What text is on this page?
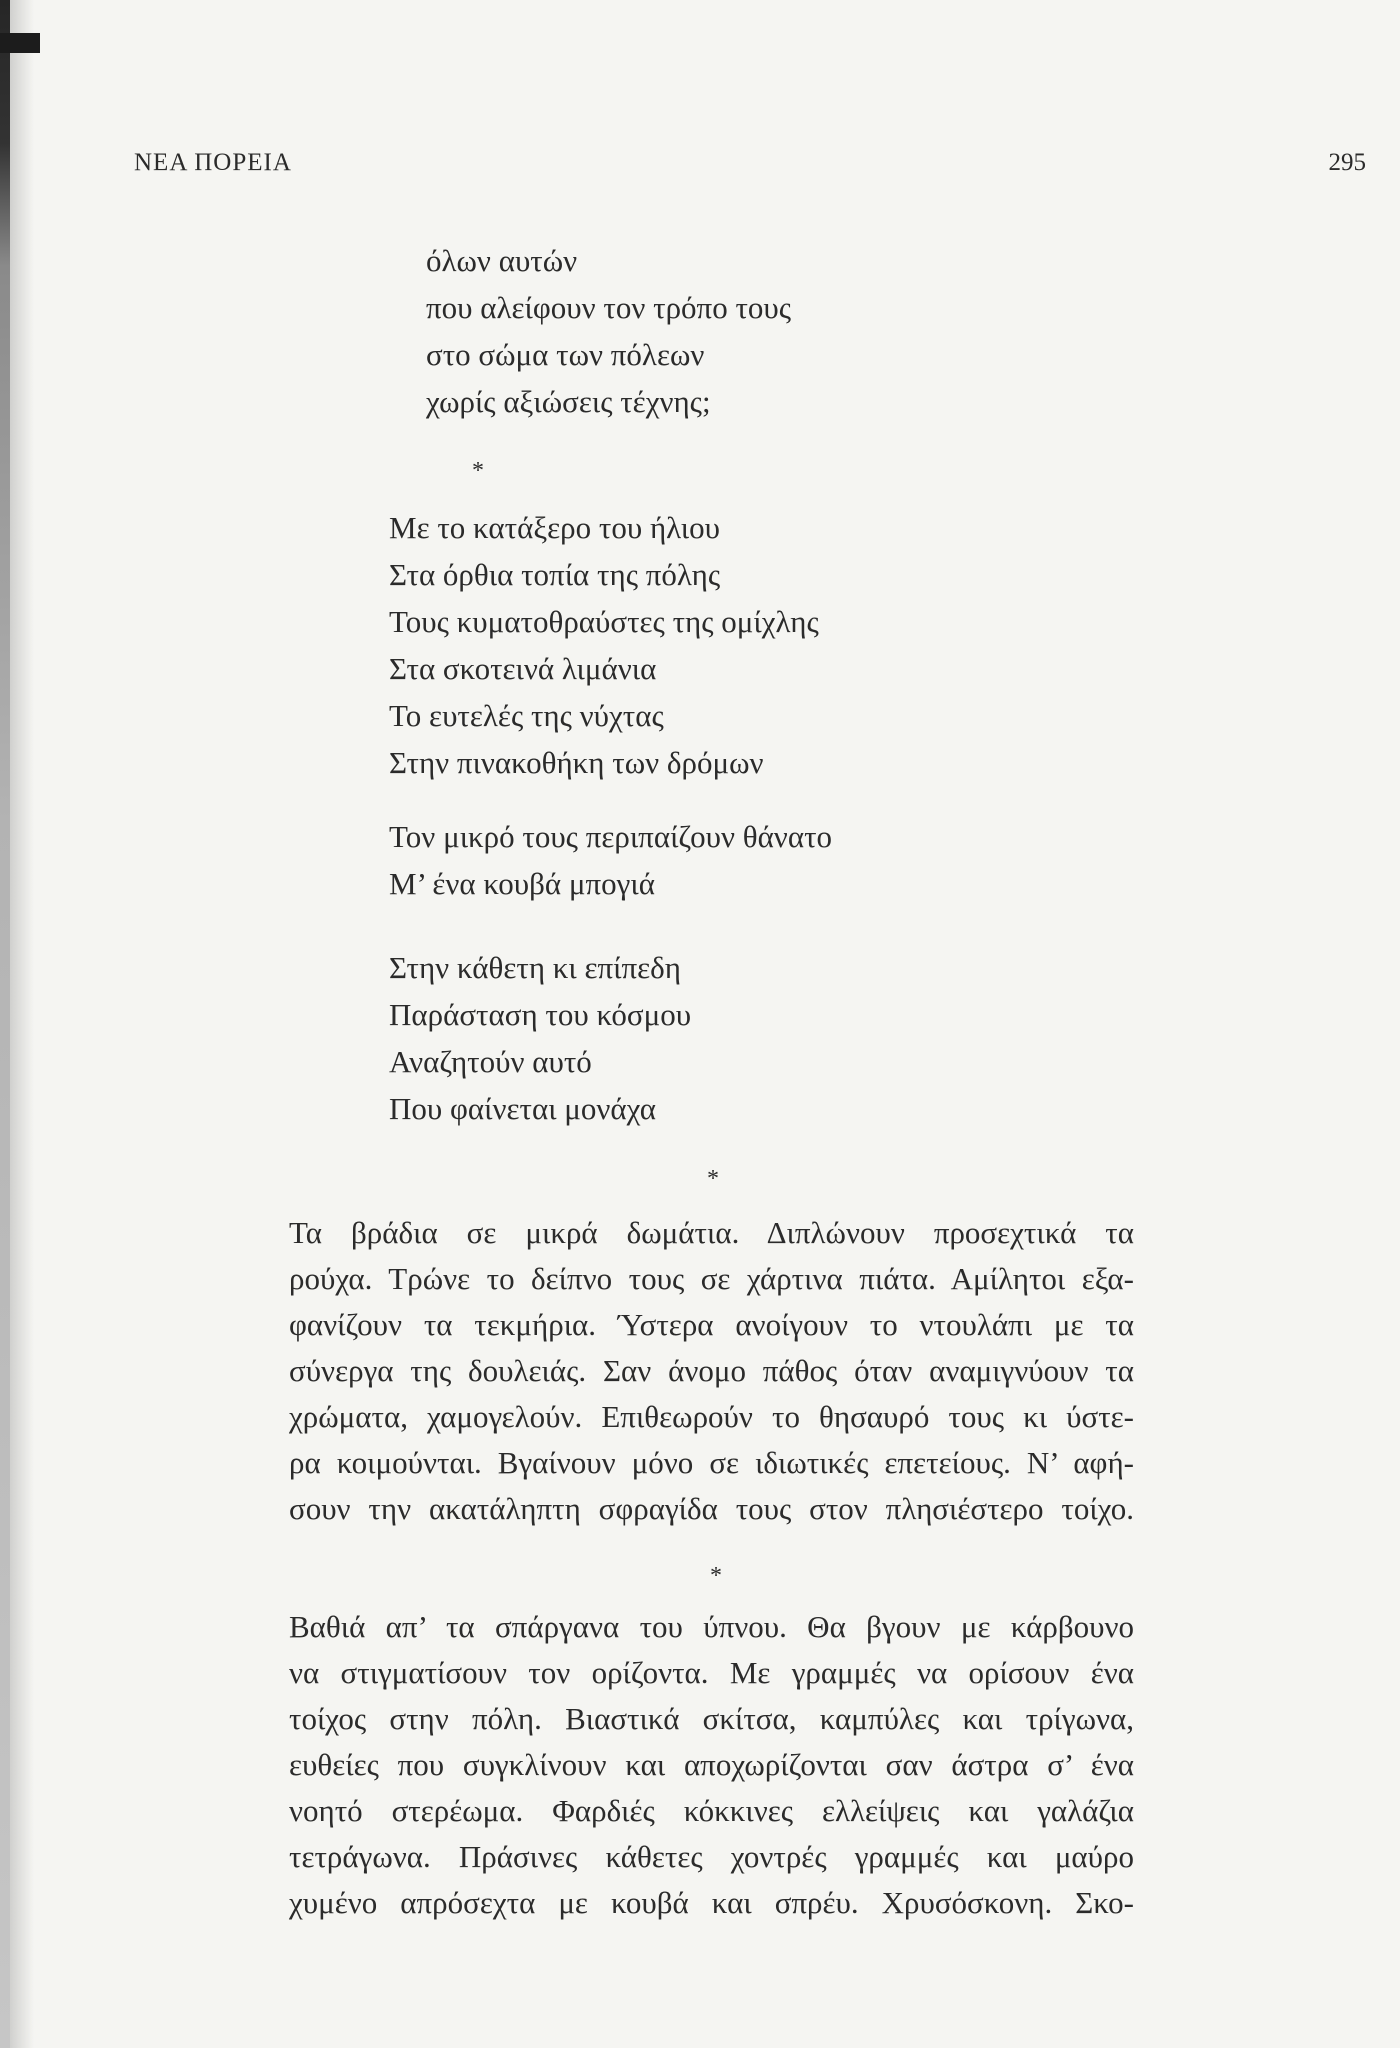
ΝΕΑ ΠΟΡΕΙΑ	295
όλων αυτών
που αλείφουν τον τρόπο τους
στο σώμα των πόλεων
χωρίς αξιώσεις τέχνης;
*
Με το κατάξερο του ήλιου
Στα όρθια τοπία της πόλης
Τους κυματοθραύστες της ομίχλης
Στα σκοτεινά λιμάνια
Το ευτελές της νύχτας
Στην πινακοθήκη των δρόμων
Τον μικρό τους περιπαίζουν θάνατο
Μ’ ένα κουβά μπογιά
Στην κάθετη κι επίπεδη
Παράσταση του κόσμου
Αναζητούν αυτό
Που φαίνεται μονάχα
*
Τα βράδια σε μικρά δωμάτια. Διπλώνουν προσεχτικά τα
ρούχα. Τρώνε το δείπνο τους σε χάρτινα πιάτα. Αμίλητοι εξα-
φανίζουν τα τεκμήρια. Ύστερα ανοίγουν το ντουλάπι με τα
σύνεργα της δουλειάς. Σαν άνομο πάθος όταν αναμιγνύουν τα
χρώματα, χαμογελούν. Επιθεωρούν το θησαυρό τους κι ύστε-
ρα κοιμούνται. Βγαίνουν μόνο σε ιδιωτικές επετείους. Ν’ αφή-
σουν την ακατάληπτη σφραγίδα τους στον πλησιέστερο τοίχο.
*
Βαθιά απ’ τα σπάργανα του ύπνου. Θα βγουν με κάρβουνο
να στιγματίσουν τον ορίζοντα. Με γραμμές να ορίσουν ένα
τοίχος στην πόλη. Βιαστικά σκίτσα, καμπύλες και τρίγωνα,
ευθείες που συγκλίνουν και αποχωρίζονται σαν άστρα σ’ ένα
νοητό στερέωμα. Φαρδιές κόκκινες ελλείψεις και γαλάζια
τετράγωνα. Πράσινες κάθετες χοντρές γραμμές και μαύρο
χυμένο απρόσεχτα με κουβά και σπρέυ. Χρυσόσκονη. Σκο-
